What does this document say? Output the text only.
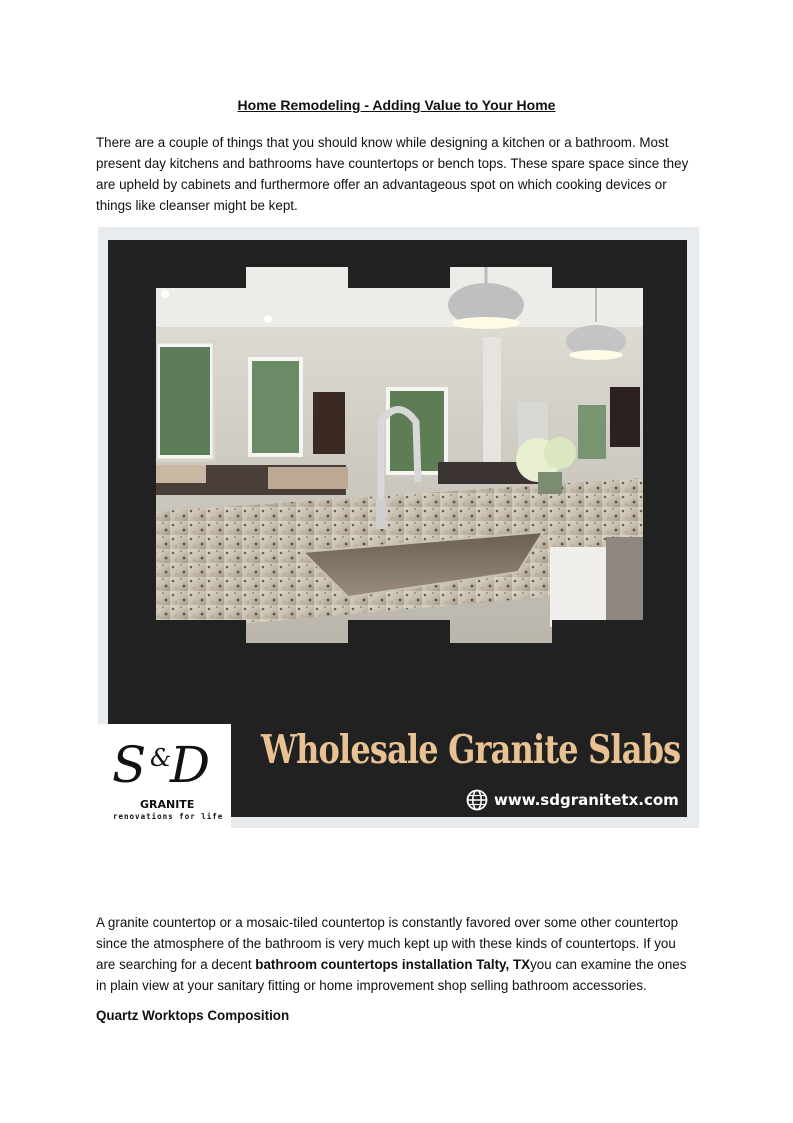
Home Remodeling - Adding Value to Your Home

There are a couple of things that you should know while designing a kitchen or a bathroom. Most present day kitchens and bathrooms have countertops or bench tops. These spare space since they are upheld by cabinets and furthermore offer an advantageous spot on which cooking devices or things like cleanser might be kept.

S &
D
GRANITE
renovations for life
Wholesale Granite Slabs
www.sdgranitetx.com

A granite countertop or a mosaic-tiled countertop is constantly favored over some other countertop since the atmosphere of the bathroom is very much kept up with these kinds of countertops. If you are searching for a decent bathroom countertops installation Talty, TXyou can examine the ones in plain view at your sanitary fitting or home improvement shop selling bathroom accessories.

Quartz Worktops Composition
